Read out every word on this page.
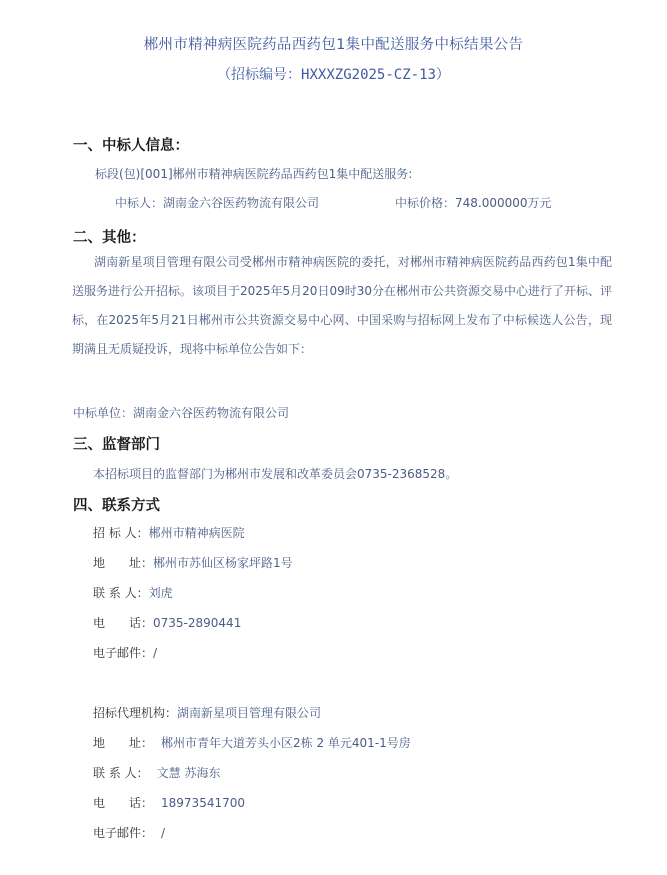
郴州市精神病医院药品西药包1集中配送服务中标结果公告
（招标编号：HXXXZG2025-CZ-13）
一、中标人信息：
标段(包)[001]郴州市精神病医院药品西药包1集中配送服务:
中标人：湖南金六谷医药物流有限公司	中标价格：748.000000万元
二、其他：
湖南新星项目管理有限公司受郴州市精神病医院的委托，对郴州市精神病医院药品西药包1集中配送服务进行公开招标。该项目于2025年5月20日09时30分在郴州市公共资源交易中心进行了开标、评标，在2025年5月21日郴州市公共资源交易中心网、中国采购与招标网上发布了中标候选人公告，现期满且无质疑投诉，现将中标单位公告如下：
中标单位：湖南金六谷医药物流有限公司
三、监督部门
本招标项目的监督部门为郴州市发展和改革委员会0735-2368528。
四、联系方式
招 标 人：郴州市精神病医院
地　　址：郴州市苏仙区杨家坪路1号
联 系 人：刘虎
电　　话：0735-2890441
电子邮件：/
招标代理机构：湖南新星项目管理有限公司
地　　址： 郴州市青年大道芳头小区2栋 2 单元401-1号房
联 系 人： 文慧 苏海东
电　　话： 18973541700
电子邮件： /
